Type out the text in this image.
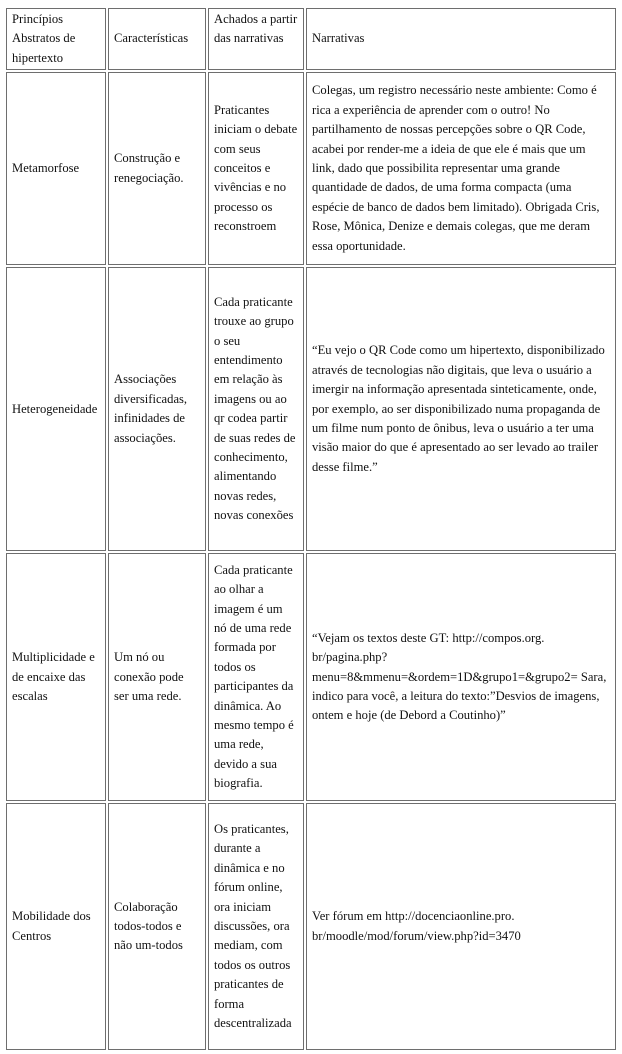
Princípios Abstratos de hipertexto	Características	Achados a partir das narrativas	Narrativas

Metamorfose	Construção e renegociação.	Praticantes iniciam o debate com seus conceitos e vivências e no processo os reconstroem	Colegas, um registro necessário neste ambiente: Como é rica a experiência de aprender com o outro! No partilhamento de nossas percepções sobre o QR Code, acabei por render-me a ideia de que ele é mais que um link, dado que possibilita representar uma grande quantidade de dados, de uma forma compacta (uma espécie de banco de dados bem limitado). Obrigada Cris, Rose, Mônica, Denize e demais colegas, que me deram essa oportunidade.

Heterogeneidade	Associações diversificadas, infinidades de associações.	Cada praticante trouxe ao grupo o seu entendimento em relação às imagens ou ao qr codea partir de suas redes de conhecimento, alimentando novas redes, novas conexões	“Eu vejo o QR Code como um hipertexto, disponibilizado através de tecnologias não digitais, que leva o usuário a imergir na informação apresentada sinteticamente, onde, por exemplo, ao ser disponibilizado numa propaganda de um filme num ponto de ônibus, leva o usuário a ter uma visão maior do que é apresentado ao ser levado ao trailer desse filme.”

Multiplicidade e de encaixe das escalas	Um nó ou conexão pode ser uma rede.	Cada praticante ao olhar a imagem é um nó de uma rede formada por todos os participantes da dinâmica. Ao mesmo tempo é uma rede, devido a sua biografia.	“Vejam os textos deste GT: http://compos.org. br/pagina.php? menu=8&mmenu=&ordem=1D&grupo1=&grupo2= Sara, indico para você, a leitura do texto:”Desvios de imagens, ontem e hoje (de Debord a Coutinho)”

Mobilidade dos Centros	Colaboração todos-todos e não um-todos	Os praticantes, durante a dinâmica e no fórum online, ora iniciam discussões, ora mediam, com todos os outros praticantes de forma descentralizada	Ver fórum em http://docenciaonline.pro. br/moodle/mod/forum/view.php?id=3470
